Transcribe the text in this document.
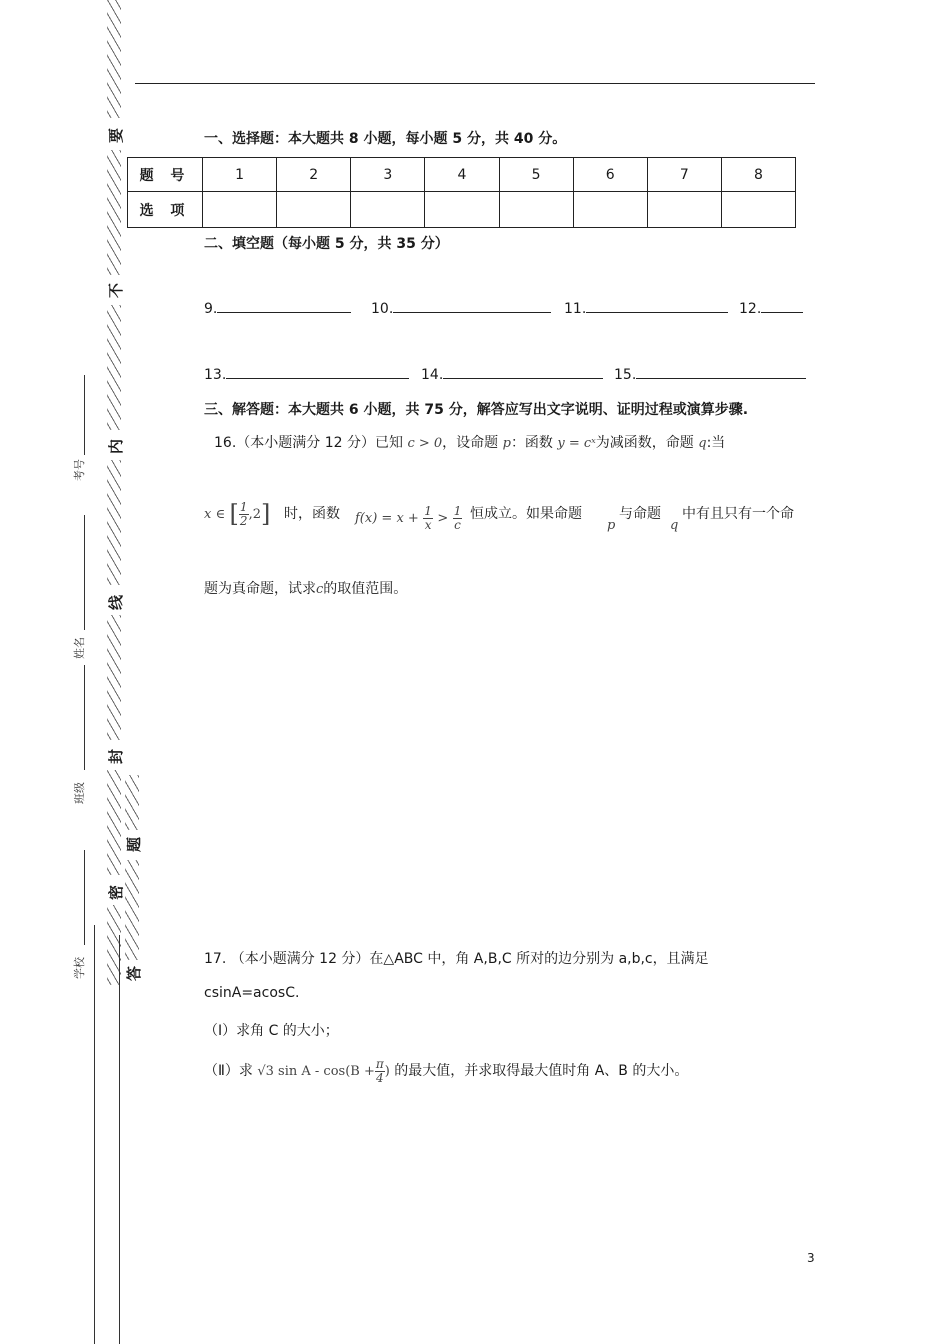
要
不
内
线
封
题
密
答
考号
姓名
班级
学校
一、选择题：本大题共 8 小题，每小题 5 分，共 40 分。
题 号	1	2	3	4	5	6	7	8
选 项								
二、填空题（每小题 5 分，共 35 分）
9.	10.	11.	12.
13.	14.	15.
三、解答题：本大题共 6 小题，共 75 分，解答应写出文字说明、证明过程或演算步骤.
16.（本小题满分 12 分）已知 c > 0，设命题 p：函数 y = cˣ为减函数，命题 q:当
x ∈ [ $\frac{1}{2} ,2$] 时，函数 $f(x) = x + \frac{1}{x} > \frac{1}{c}$ 恒成立。如果命题
p
与命题
q
中有且只有一个命
题为真命题，试求c的取值范围。
17. （本小题满分 12 分）在△ABC 中，角 A,B,C 所对的边分别为 a,b,c，且满足
csinA=acosC.
（Ⅰ）求角 C 的大小；
（Ⅱ）求 √3 $\sin A - \cos(B + \frac{\pi}{4}$ ) 的最大值，并求取得最大值时角 A、B 的大小。
3
